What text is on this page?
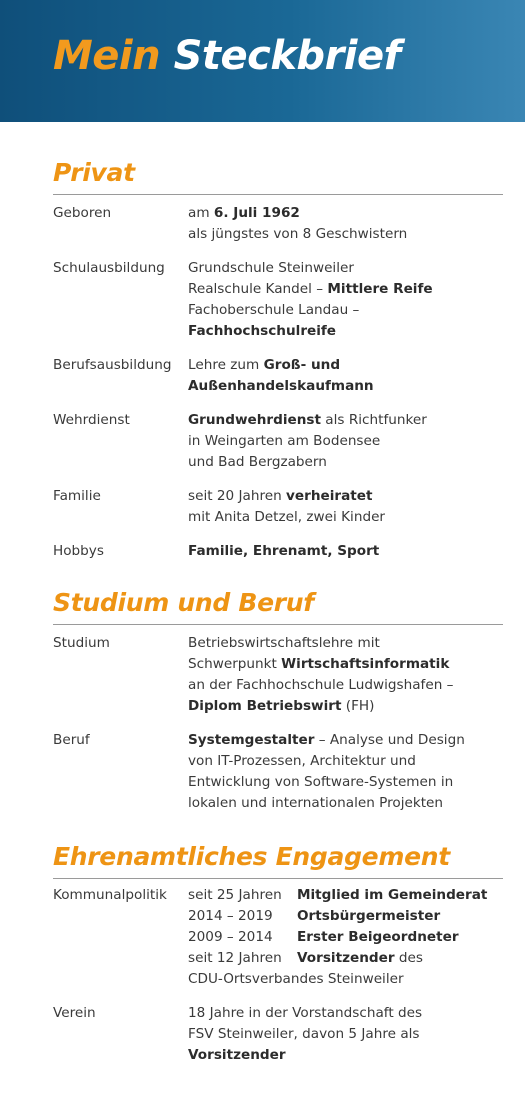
Mein Steckbrief
Privat
Geboren	am 6. Juli 1962
als jüngstes von 8 Geschwistern
Schulausbildung	Grundschule Steinweiler
Realschule Kandel – Mittlere Reife
Fachoberschule Landau –
Fachhochschulreife
Berufsausbildung	Lehre zum Groß- und
Außenhandelskaufmann
Wehrdienst	Grundwehrdienst als Richtfunker
in Weingarten am Bodensee
und Bad Bergzabern
Familie	seit 20 Jahren verheiratet
mit Anita Detzel, zwei Kinder
Hobbys	Familie, Ehrenamt, Sport
Studium und Beruf
Studium	Betriebswirtschaftslehre mit
Schwerpunkt Wirtschaftsinformatik
an der Fachhochschule Ludwigshafen –
Diplom Betriebswirt (FH)
Beruf	Systemgestalter – Analyse und Design
von IT-Prozessen, Architektur und
Entwicklung von Software-Systemen in
lokalen und internationalen Projekten
Ehrenamtliches Engagement
Kommunalpolitik	seit 25 Jahren	Mitglied im Gemeinderat
2014 – 2019	Ortsbürgermeister
2009 – 2014	Erster Beigeordneter
seit 12 Jahren	Vorsitzender des
CDU-Ortsverbandes Steinweiler
Verein	18 Jahre in der Vorstandschaft des
FSV Steinweiler, davon 5 Jahre als
Vorsitzender
